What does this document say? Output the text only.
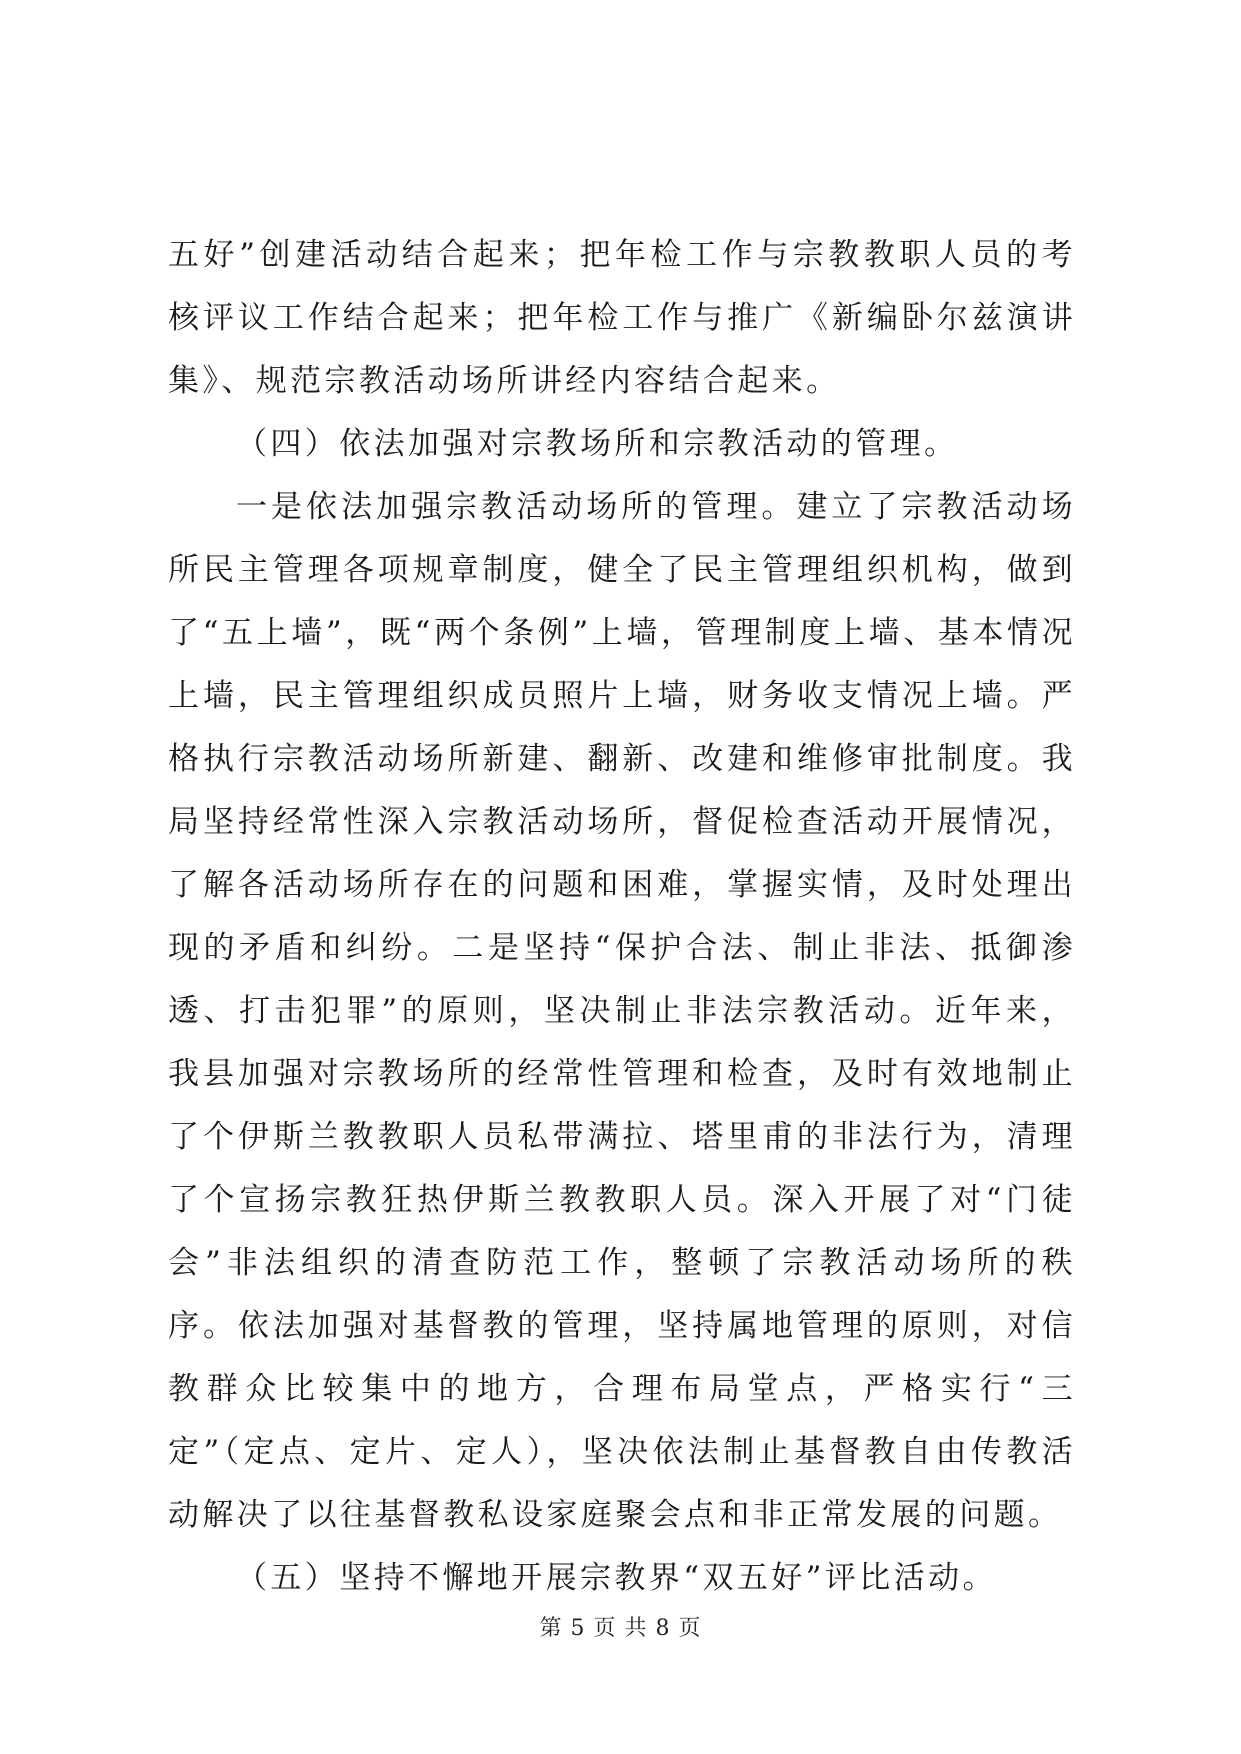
五好”创建活动结合起来；把年检工作与宗教教职人员的考核评议工作结合起来；把年检工作与推广《新编卧尔兹演讲集》、规范宗教活动场所讲经内容结合起来。

（四）依法加强对宗教场所和宗教活动的管理。

一是依法加强宗教活动场所的管理。建立了宗教活动场所民主管理各项规章制度，健全了民主管理组织机构，做到了“五上墙”，既“两个条例”上墙，管理制度上墙、基本情况上墙，民主管理组织成员照片上墙，财务收支情况上墙。严格执行宗教活动场所新建、翻新、改建和维修审批制度。我局坚持经常性深入宗教活动场所，督促检查活动开展情况，了解各活动场所存在的问题和困难，掌握实情，及时处理出现的矛盾和纠纷。二是坚持“保护合法、制止非法、抵御渗透、打击犯罪”的原则，坚决制止非法宗教活动。近年来，我县加强对宗教场所的经常性管理和检查，及时有效地制止了个伊斯兰教教职人员私带满拉、塔里甫的非法行为，清理了个宣扬宗教狂热伊斯兰教教职人员。深入开展了对“门徒会”非法组织的清查防范工作，整顿了宗教活动场所的秩序。依法加强对基督教的管理，坚持属地管理的原则，对信教群众比较集中的地方，合理布局堂点，严格实行“三定”（定点、定片、定人），坚决依法制止基督教自由传教活动解决了以往基督教私设家庭聚会点和非正常发展的问题。

（五）坚持不懈地开展宗教界“双五好”评比活动。

第 5 页 共 8 页
